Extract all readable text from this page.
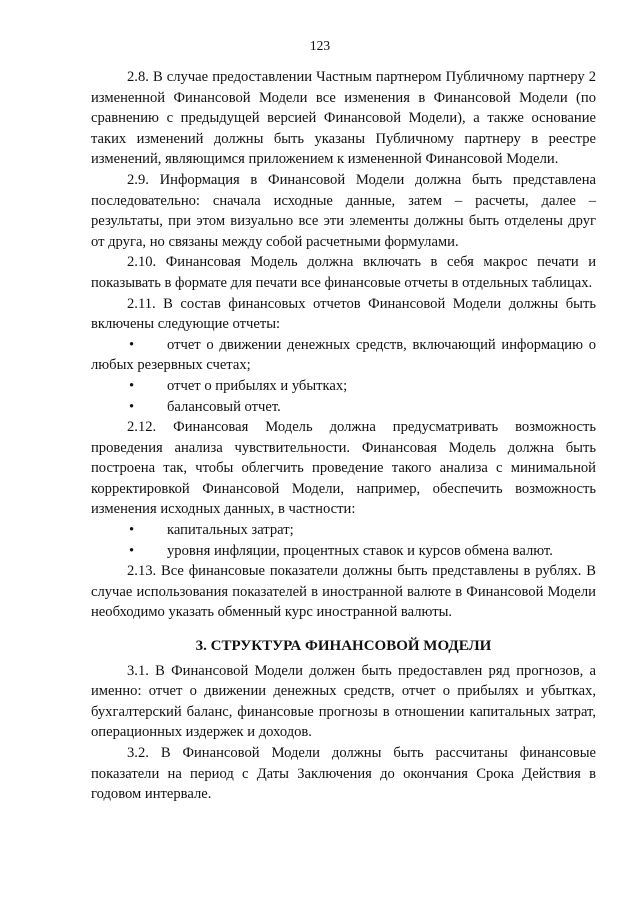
123

2.8. В случае предоставлении Частным партнером Публичному партнеру 2 измененной Финансовой Модели все изменения в Финансовой Модели (по сравнению с предыдущей версией Финансовой Модели), а также основание таких изменений должны быть указаны Публичному партнеру в реестре изменений, являющимся приложением к измененной Финансовой Модели.

2.9. Информация в Финансовой Модели должна быть представлена последовательно: сначала исходные данные, затем – расчеты, далее – результаты, при этом визуально все эти элементы должны быть отделены друг от друга, но связаны между собой расчетными формулами.

2.10. Финансовая Модель должна включать в себя макрос печати и показывать в формате для печати все финансовые отчеты в отдельных таблицах.

2.11. В состав финансовых отчетов Финансовой Модели должны быть включены следующие отчеты:

• отчет о движении денежных средств, включающий информацию о любых резервных счетах;
•	отчет о прибылях и убытках;
•	балансовый отчет.

2.12. Финансовая Модель должна предусматривать возможность проведения анализа чувствительности. Финансовая Модель должна быть построена так, чтобы облегчить проведение такого анализа с минимальной корректировкой Финансовой Модели, например, обеспечить возможность изменения исходных данных, в частности:

•	капитальных затрат;
•	уровня инфляции, процентных ставок и курсов обмена валют.

2.13. Все финансовые показатели должны быть представлены в рублях. В случае использования показателей в иностранной валюте в Финансовой Модели необходимо указать обменный курс иностранной валюты.

3. СТРУКТУРА ФИНАНСОВОЙ МОДЕЛИ

3.1. В Финансовой Модели должен быть предоставлен ряд прогнозов, а именно: отчет о движении денежных средств, отчет о прибылях и убытках, бухгалтерский баланс, финансовые прогнозы в отношении капитальных затрат, операционных издержек и доходов.

3.2. В Финансовой Модели должны быть рассчитаны финансовые показатели на период с Даты Заключения до окончания Срока Действия в годовом интервале.
